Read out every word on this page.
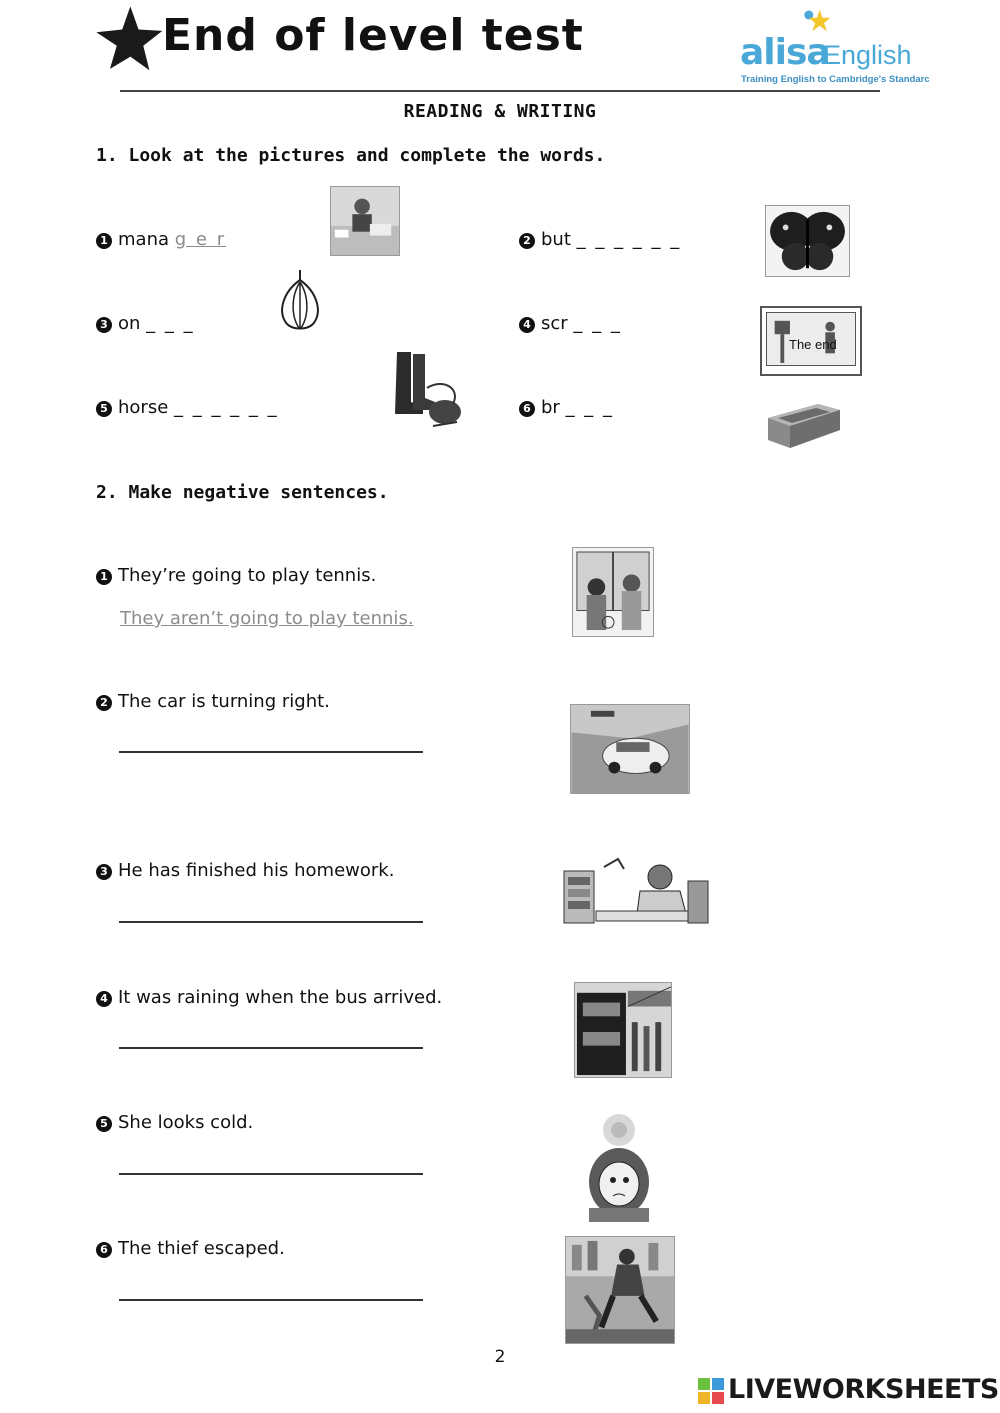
End of level test	alisa
English
Training English to Cambridge's Standarc
READING & WRITING
1. Look at the pictures and complete the words.
1 mana g e r	2 but _ _ _ _ _ _
3 on _ _ _	4 scr _ _ _
The end
5 horse _ _ _ _ _ _	6 br _ _ _
2. Make negative sentences.
1 They’re going to play tennis.
They aren’t going to play tennis.
2 The car is turning right.
3 He has finished his homework.
4 It was raining when the bus arrived.
5 She looks cold.
6 The thief escaped.
2
LIVEWORKSHEETS
